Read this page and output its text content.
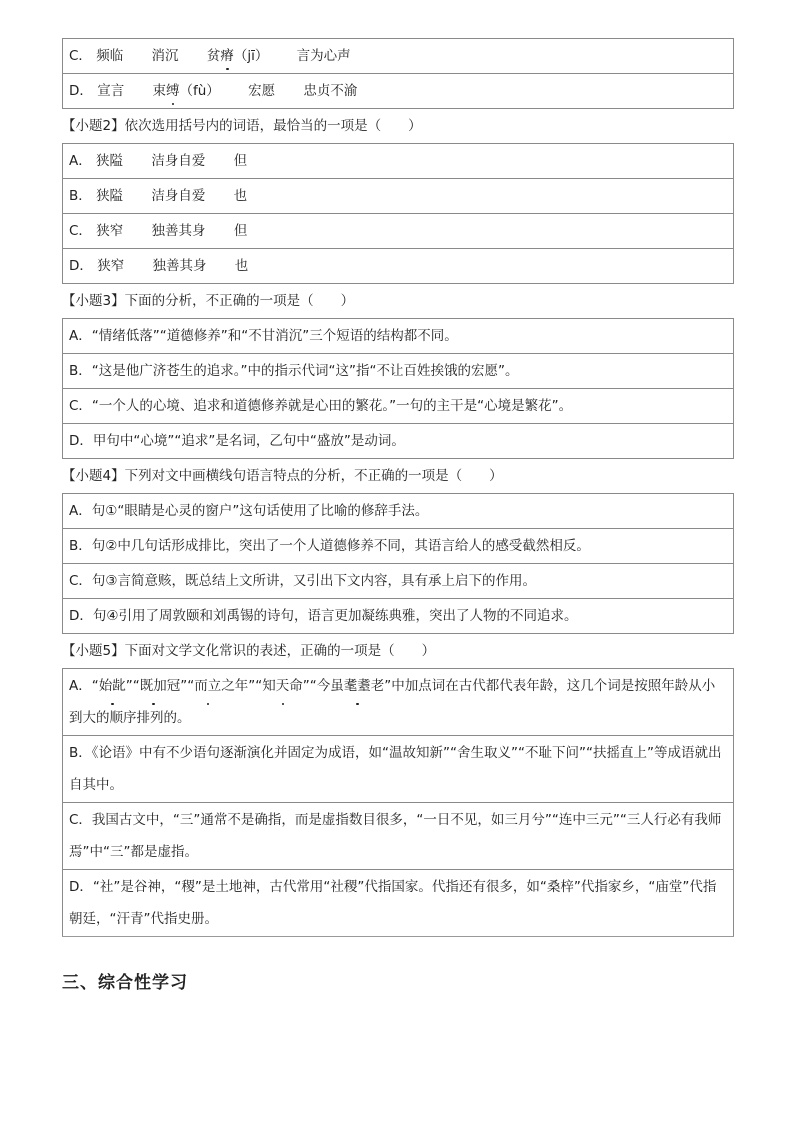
C． 频临 消沉 贫瘠（jī） 言为心声
D． 宣言 束缚（fù） 宏愿 忠贞不渝
【小题2】依次选用括号内的词语，最恰当的一项是（　　）
A． 狭隘 洁身自爱 但
B． 狭隘 洁身自爱 也
C． 狭窄 独善其身 但
D． 狭窄 独善其身 也
【小题3】下面的分析，不正确的一项是（　　）
A．“情绪低落”“道德修养”和“不甘消沉”三个短语的结构都不同。
B．“这是他广济苍生的追求。”中的指示代词“这”指“不让百姓挨饿的宏愿”。
C．“一个人的心境、追求和道德修养就是心田的繁花。”一句的主干是“心境是繁花”。
D．甲句中“心境”“追求”是名词，乙句中“盛放”是动词。
【小题4】下列对文中画横线句语言特点的分析，不正确的一项是（　　）
A．句①“眼睛是心灵的窗户”这句话使用了比喻的修辞手法。
B．句②中几句话形成排比，突出了一个人道德修养不同，其语言给人的感受截然相反。
C．句③言简意赅，既总结上文所讲，又引出下文内容，具有承上启下的作用。
D．句④引用了周敦颐和刘禹锡的诗句，语言更加凝练典雅，突出了人物的不同追求。
【小题5】下面对文学文化常识的表述，正确的一项是（　　）
A．“始龀”“既加冠”“而立之年”“知天命”“今虽耄耋老”中加点词在古代都代表年龄，这几个词是按照年龄从小到大的顺序排列的。
B．《论语》中有不少语句逐渐演化并固定为成语，如“温故知新”“舍生取义”“不耻下问”“扶摇直上”等成语就出自其中。
C．我国古文中，“三”通常不是确指，而是虚指数目很多，“一日不见，如三月兮”“连中三元”“三人行必有我师焉”中“三”都是虚指。
D．“社”是谷神，“稷”是土地神，古代常用“社稷”代指国家。代指还有很多，如“桑梓”代指家乡，“庙堂”代指朝廷，“汗青”代指史册。
三、综合性学习
